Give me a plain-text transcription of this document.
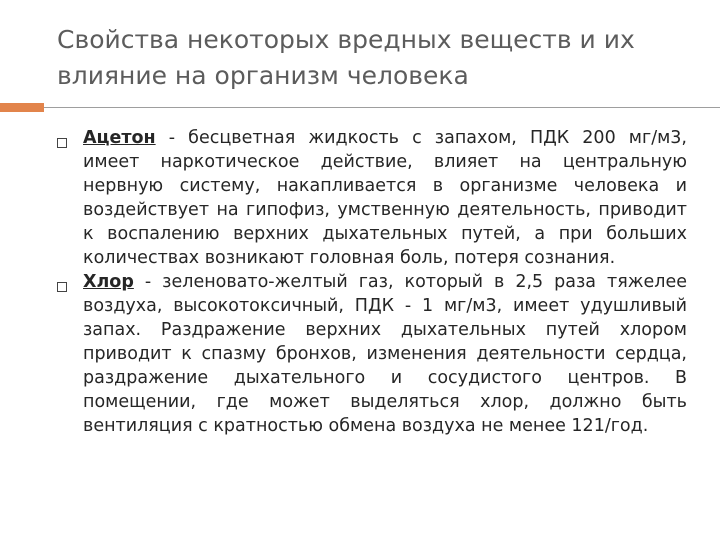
Свойства некоторых вредных веществ и их
влияние на организм человека
Ацетон - бесцветная жидкость с запахом, ПДК 200 мг/м3, имеет наркотическое действие, влияет на центральную нервную систему, накапливается в организме человека и воздействует на гипофиз, умственную деятельность, приводит к воспалению верхних дыхательных путей, а при больших количествах возникают головная боль, потеря сознания.
Хлор - зеленовато-желтый газ, который в 2,5 раза тяжелее воздуха, высокотоксичный, ПДК - 1 мг/м3, имеет удушливый запах. Раздражение верхних дыхательных путей хлором приводит к спазму бронхов, изменения деятельности сердца, раздражение дыхательного и сосудистого центров. В помещении, где может выделяться хлор, должно быть вентиляция с кратностью обмена воздуха не менее 121/год.
